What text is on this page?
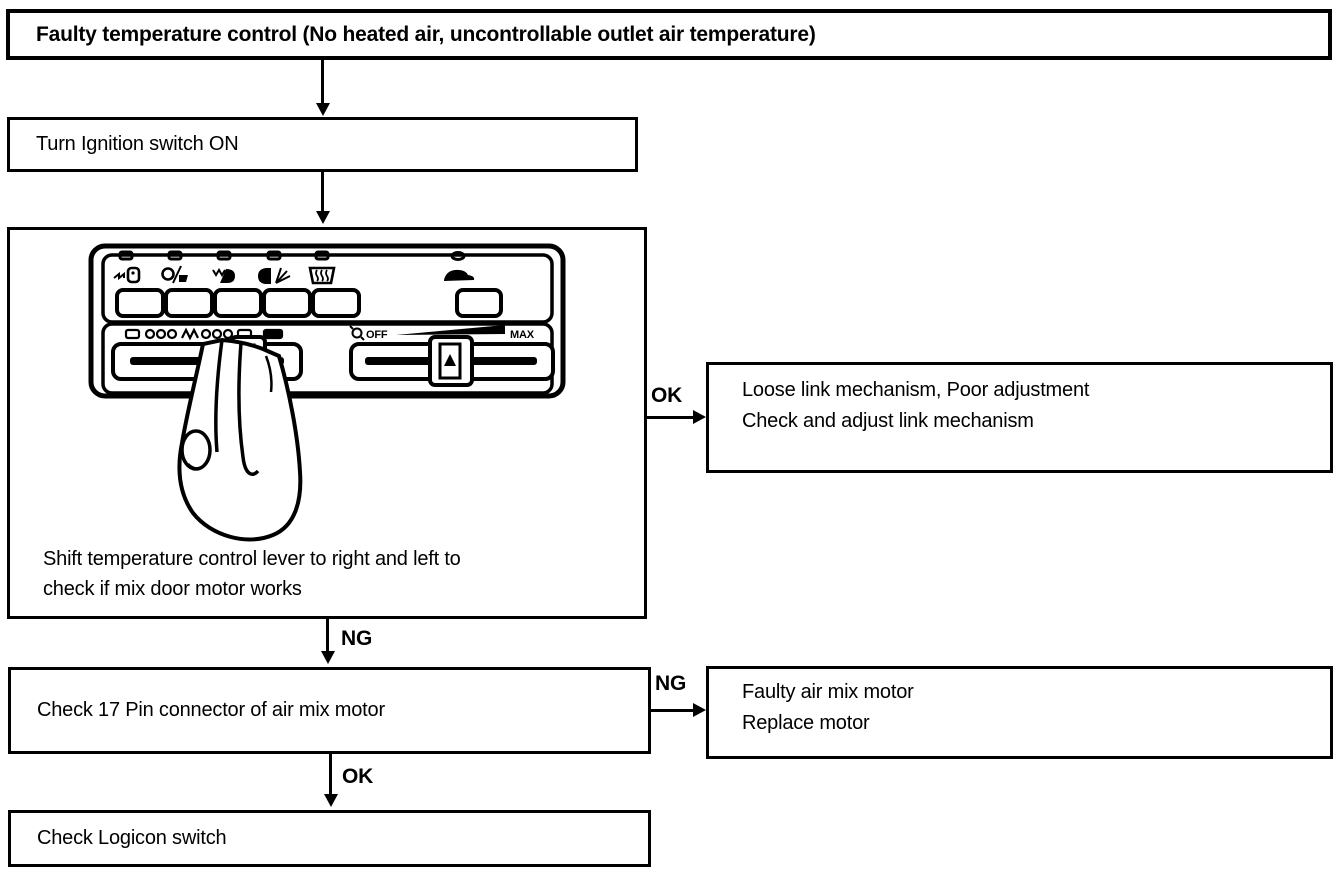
Faulty temperature control (No heated air, uncontrollable outlet air temperature)
Turn Ignition switch ON
OFF	MAX
Shift temperature control lever to right and left to
check if mix door motor works
OK	Loose link mechanism, Poor adjustment
Check and adjust link mechanism
NG
Check 17 Pin connector of air mix motor
NG	Faulty air mix motor
Replace motor
OK
Check Logicon switch
